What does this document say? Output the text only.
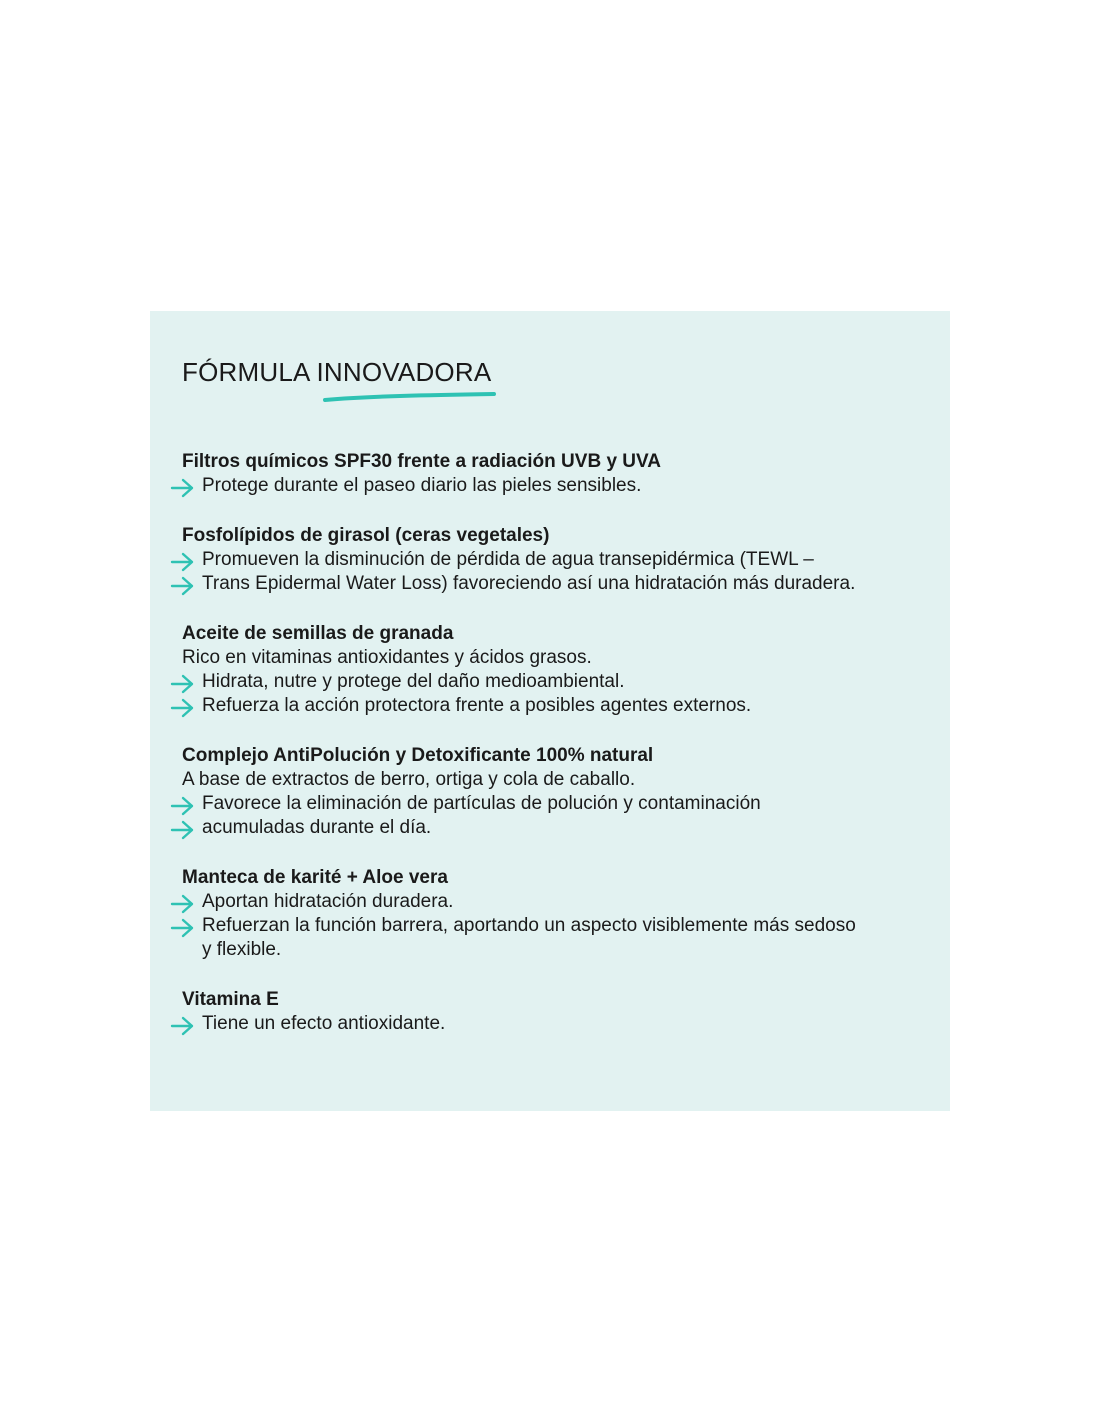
FÓRMULA INNOVADORA
Filtros químicos SPF30 frente a radiación UVB y UVA
Protege durante el paseo diario las pieles sensibles.
Fosfolípidos de girasol (ceras vegetales)
Promueven la disminución de pérdida de agua transepidérmica (TEWL –
Trans Epidermal Water Loss) favoreciendo así una hidratación más duradera.
Aceite de semillas de granada
Rico en vitaminas antioxidantes y ácidos grasos.
Hidrata, nutre y protege del daño medioambiental.
Refuerza la acción protectora frente a posibles agentes externos.
Complejo AntiPolución y Detoxificante 100% natural
A base de extractos de berro, ortiga y cola de caballo.
Favorece la eliminación de partículas de polución y contaminación
acumuladas durante el día.
Manteca de karité + Aloe vera
Aportan hidratación duradera.
Refuerzan la función barrera, aportando un aspecto visiblemente más sedoso
y flexible.
Vitamina E
Tiene un efecto antioxidante.
